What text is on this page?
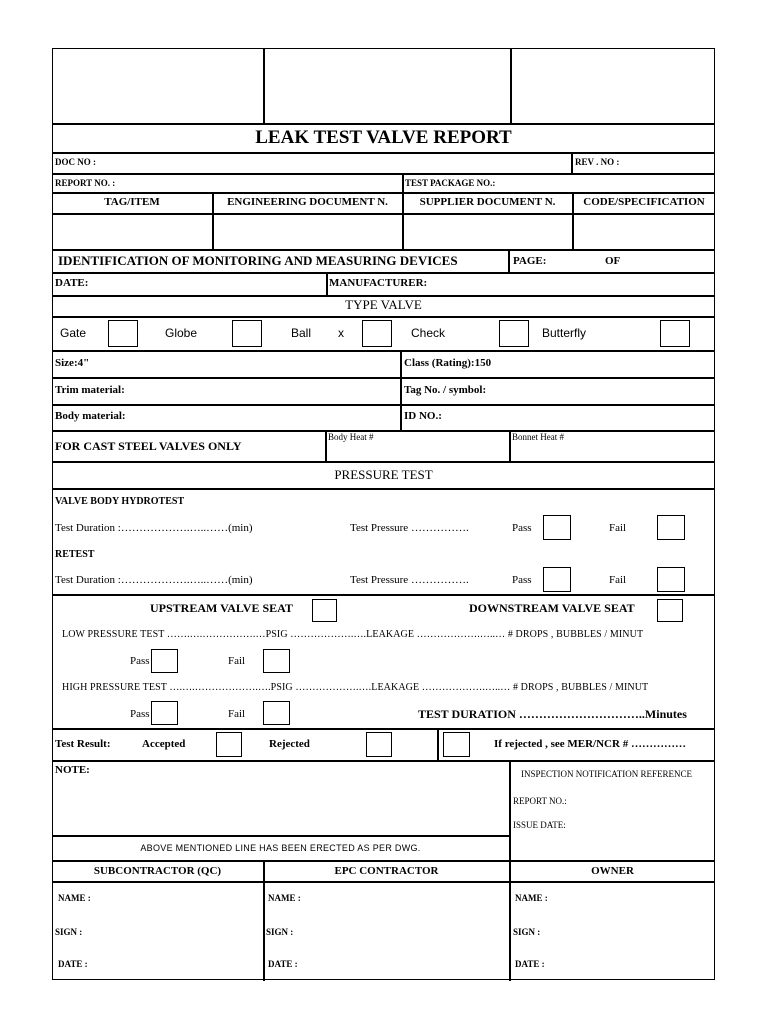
LEAK TEST VALVE REPORT
DOC NO :	REV . NO :
REPORT NO. :	TEST PACKAGE NO.:
TAG/ITEM	ENGINEERING DOCUMENT N.	SUPPLIER DOCUMENT N.	CODE/SPECIFICATION
IDENTIFICATION OF MONITORING AND MEASURING DEVICES	PAGE:	OF
DATE:	MANUFACTURER:
TYPE VALVE
Gate	Globe	Ball x	Check	Butterfly
Size:4"	Class (Rating):150
Trim material:	Tag No. / symbol:
Body material:	ID NO.:
FOR CAST STEEL VALVES ONLY
Body Heat #	Bonnet Heat #
PRESSURE TEST
VALVE BODY HYDROTEST
Test Duration :……………….…..……(min)	Test Pressure …………….	Pass	Fail
RETEST
Test Duration :……………….…..……(min)	Test Pressure …………….	Pass	Fail
UPSTREAM VALVE SEAT	DOWNSTREAM VALVE SEAT
LOW PRESSURE TEST …….….…………….…PSIG ……………….….LEAKAGE ……………….…..… # DROPS , BUBBLES / MINUT
Pass	Fail
HIGH PRESSURE TEST ….….……………….….PSIG ……………….….LEAKAGE ……………….…..… # DROPS , BUBBLES / MINUT
Pass	Fail	TEST DURATION …………………………..Minutes
Test Result:	Accepted	Rejected	If rejected , see MER/NCR # ……………
NOTE:	INSPECTION NOTIFICATION REFERENCE
REPORT NO.:
ISSUE DATE:
ABOVE MENTIONED LINE HAS BEEN ERECTED AS PER DWG.
SUBCONTRACTOR (QC)	EPC CONTRACTOR	OWNER
NAME :	NAME :	NAME :
SIGN :	SIGN :	SIGN :
DATE :	DATE :	DATE :
